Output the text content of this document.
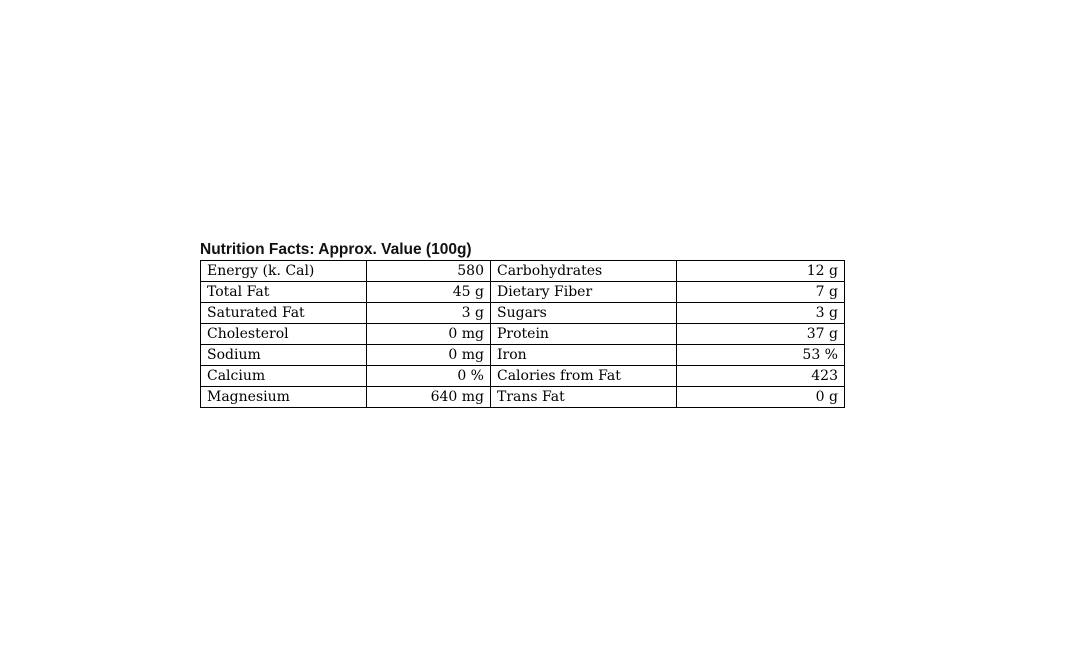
Nutrition Facts: Approx. Value (100g)
Energy (k. Cal)	580	Carbohydrates	12 g
Total Fat	45 g	Dietary Fiber	7 g
Saturated Fat	3 g	Sugars	3 g
Cholesterol	0 mg	Protein	37 g
Sodium	0 mg	Iron	53 %
Calcium	0 %	Calories from Fat	423
Magnesium	640 mg	Trans Fat	0 g
